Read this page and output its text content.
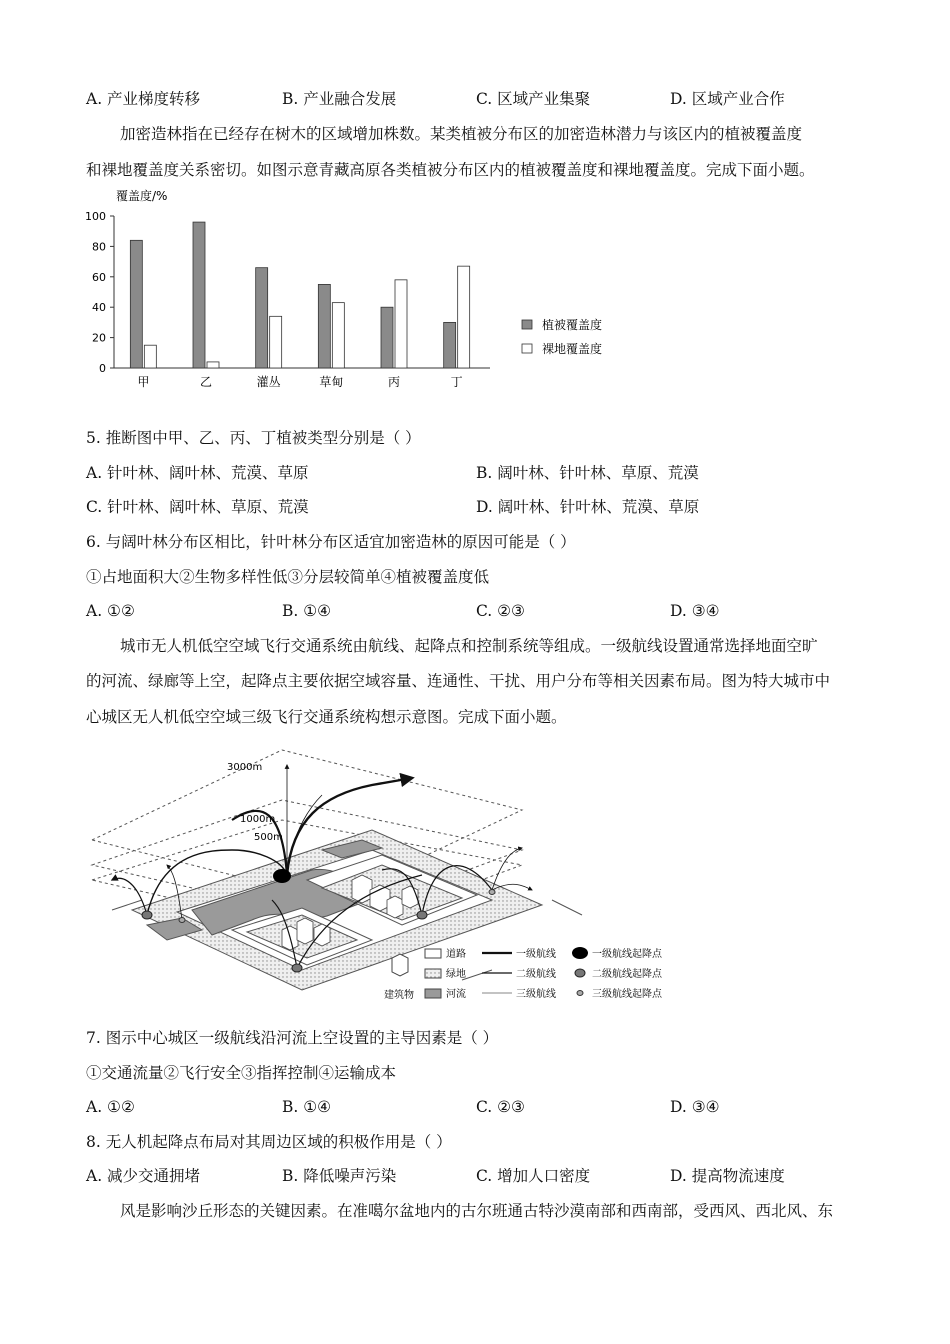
A. 产业梯度转移	B. 产业融合发展	C. 区域产业集聚	D. 区域产业合作
加密造林指在已经存在树木的区域增加株数。某类植被分布区的加密造林潜力与该区内的植被覆盖度
和裸地覆盖度关系密切。如图示意青藏高原各类植被分布区内的植被覆盖度和裸地覆盖度。完成下面小题。
覆盖度/%
0
20
40
60
80
100
甲	乙	灌丛	草甸	丙	丁
植被覆盖度
裸地覆盖度
5. 推断图中甲、乙、丙、丁植被类型分别是（ ）
A. 针叶林、阔叶林、荒漠、草原	B. 阔叶林、针叶林、草原、荒漠
C. 针叶林、阔叶林、草原、荒漠	D. 阔叶林、针叶林、荒漠、草原
6. 与阔叶林分布区相比，针叶林分布区适宜加密造林的原因可能是（ ）
①占地面积大②生物多样性低③分层较简单④植被覆盖度低
A. ①②	B. ①④	C. ②③	D. ③④
城市无人机低空空域飞行交通系统由航线、起降点和控制系统等组成。一级航线设置通常选择地面空旷
的河流、绿廊等上空，起降点主要依据空域容量、连通性、干扰、用户分布等相关因素布局。图为特大城市中
心城区无人机低空空域三级飞行交通系统构想示意图。完成下面小题。
3000m
1000m
500m
建筑物
道路
绿地
河流
一级航线
二级航线
三级航线
一级航线起降点
二级航线起降点
三级航线起降点
7. 图示中心城区一级航线沿河流上空设置的主导因素是（ ）
①交通流量②飞行安全③指挥控制④运输成本
A. ①②	B. ①④	C. ②③	D. ③④
8. 无人机起降点布局对其周边区域的积极作用是（ ）
A. 减少交通拥堵	B. 降低噪声污染	C. 增加人口密度	D. 提高物流速度
风是影响沙丘形态的关键因素。在准噶尔盆地内的古尔班通古特沙漠南部和西南部，受西风、西北风、东
